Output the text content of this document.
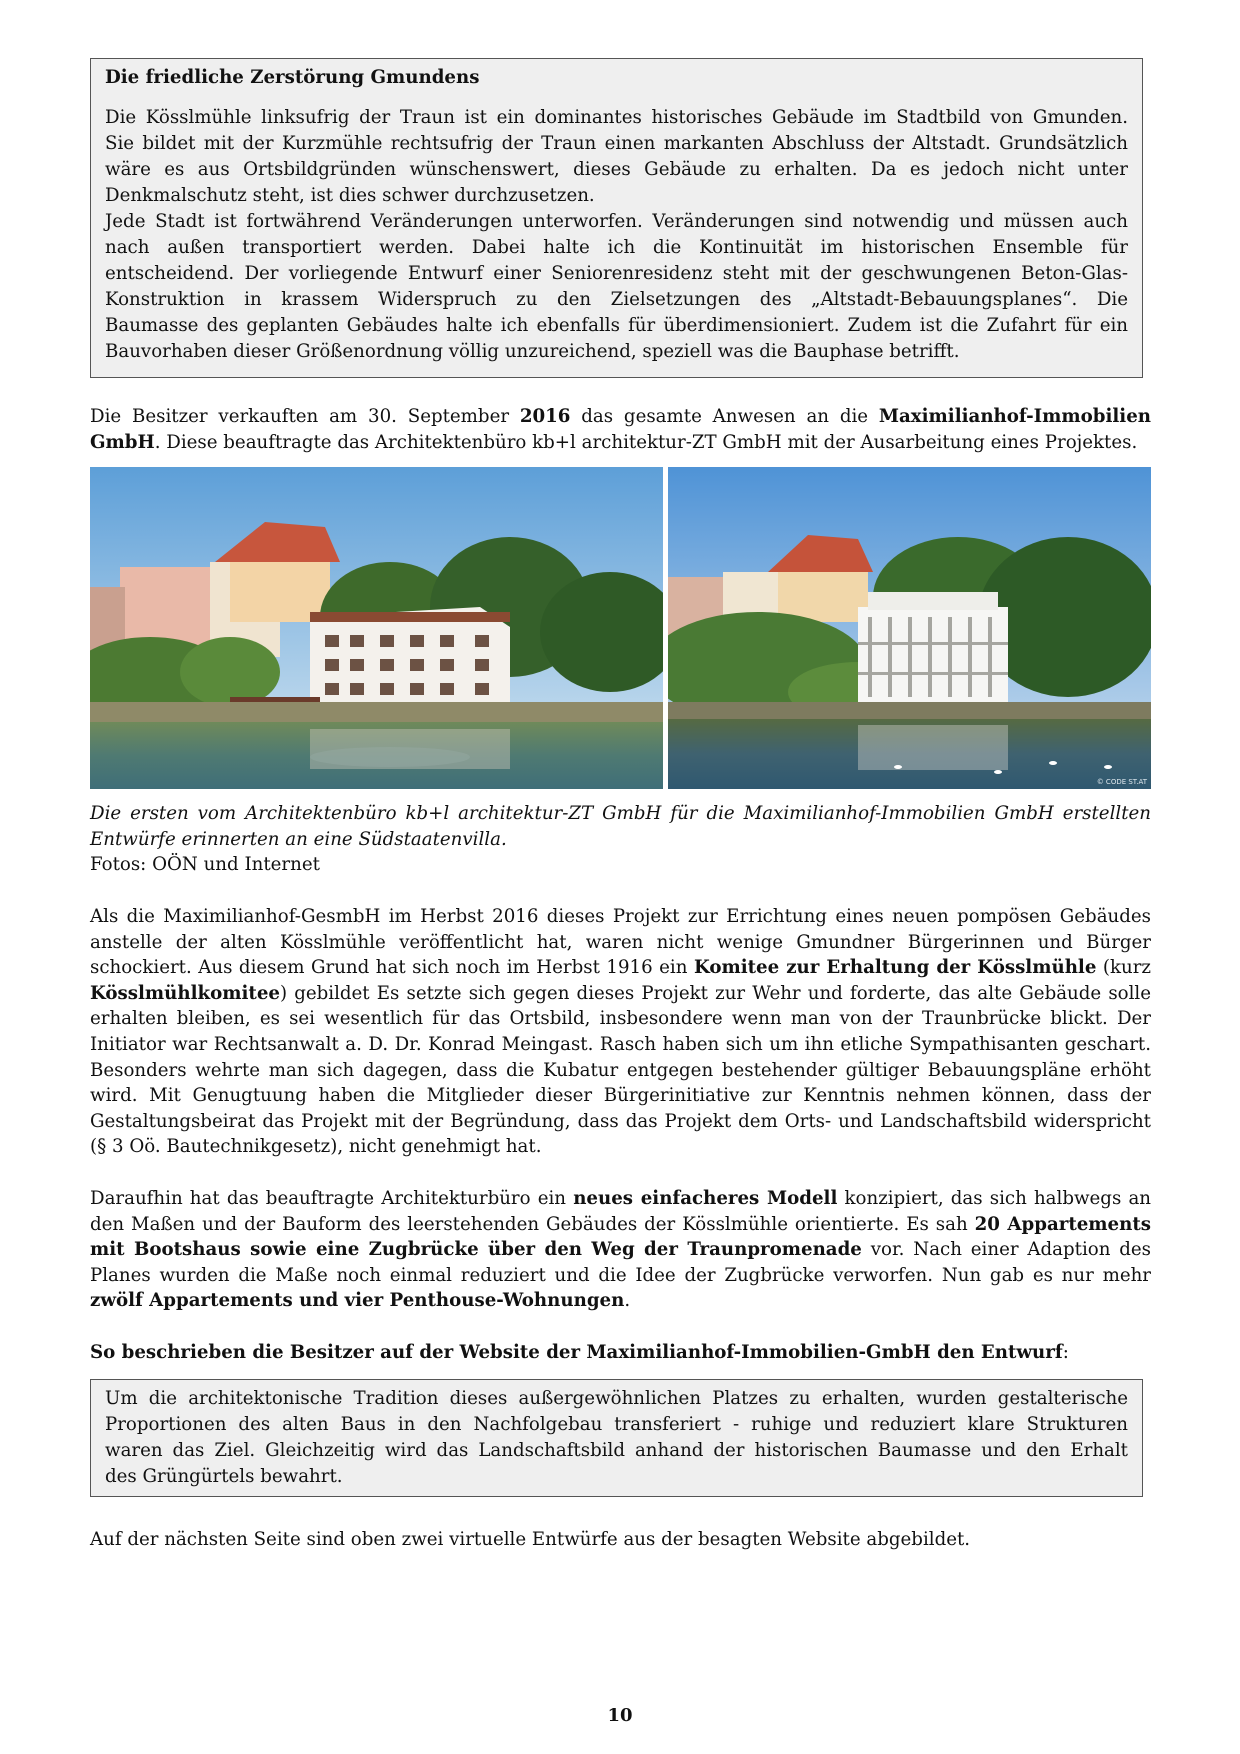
Die friedliche Zerstörung Gmundens
Die Kösslmühle linksufrig der Traun ist ein dominantes historisches Gebäude im Stadtbild von Gmunden.
Sie bildet mit der Kurzmühle rechtsufrig der Traun einen markanten Abschluss der Altstadt. Grundsätzlich
wäre es aus Ortsbildgründen wünschenswert, dieses Gebäude zu erhalten. Da es jedoch nicht unter
Denkmalschutz steht, ist dies schwer durchzusetzen.
Jede Stadt ist fortwährend Veränderungen unterworfen. Veränderungen sind notwendig und müssen auch
nach außen transportiert werden. Dabei halte ich die Kontinuität im historischen Ensemble für
entscheidend. Der vorliegende Entwurf einer Seniorenresidenz steht mit der geschwungenen Beton-Glas-
Konstruktion in krassem Widerspruch zu den Zielsetzungen des „Altstadt-Bebauungsplanes“. Die
Baumasse des geplanten Gebäudes halte ich ebenfalls für überdimensioniert. Zudem ist die Zufahrt für ein
Bauvorhaben dieser Größenordnung völlig unzureichend, speziell was die Bauphase betrifft.

Die Besitzer verkauften am 30. September 2016 das gesamte Anwesen an die Maximilianhof-Immobilien GmbH. Diese beauftragte das Architektenbüro kb+l architektur-ZT GmbH mit der Ausarbeitung eines Projektes.

© CODE ST.AT
Die ersten vom Architektenbüro kb+l architektur-ZT GmbH für die Maximilianhof-Immobilien GmbH erstellten Entwürfe erinnerten an eine Südstaatenvilla.
Fotos: OÖN und Internet

Als die Maximilianhof-GesmbH im Herbst 2016 dieses Projekt zur Errichtung eines neuen pompösen Gebäudes anstelle der alten Kösslmühle veröffentlicht hat, waren nicht wenige Gmundner Bürgerinnen und Bürger schockiert. Aus diesem Grund hat sich noch im Herbst 1916 ein Komitee zur Erhaltung der Kösslmühle (kurz Kösslmühlkomitee) gebildet Es setzte sich gegen dieses Projekt zur Wehr und forderte, das alte Gebäude solle erhalten bleiben, es sei wesentlich für das Ortsbild, insbesondere wenn man von der Traunbrücke blickt. Der Initiator war Rechtsanwalt a. D. Dr. Konrad Meingast. Rasch haben sich um ihn etliche Sympathisanten geschart. Besonders wehrte man sich dagegen, dass die Kubatur entgegen bestehender gültiger Bebauungspläne erhöht wird. Mit Genugtuung haben die Mitglieder dieser Bürgerinitiative zur Kenntnis nehmen können, dass der Gestaltungsbeirat das Projekt mit der Begründung, dass das Projekt dem Orts- und Landschaftsbild widerspricht (§ 3 Oö. Bautechnikgesetz), nicht genehmigt hat.

Daraufhin hat das beauftragte Architekturbüro ein neues einfacheres Modell konzipiert, das sich halbwegs an den Maßen und der Bauform des leerstehenden Gebäudes der Kösslmühle orientierte. Es sah 20 Appartements mit Bootshaus sowie eine Zugbrücke über den Weg der Traunpromenade vor. Nach einer Adaption des Planes wurden die Maße noch einmal reduziert und die Idee der Zugbrücke verworfen. Nun gab es nur mehr zwölf Appartements und vier Penthouse-Wohnungen.

So beschrieben die Besitzer auf der Website der Maximilianhof-Immobilien-GmbH den Entwurf:

Um die architektonische Tradition dieses außergewöhnlichen Platzes zu erhalten, wurden gestalterische
Proportionen des alten Baus in den Nachfolgebau transferiert - ruhige und reduziert klare Strukturen
waren das Ziel. Gleichzeitig wird das Landschaftsbild anhand der historischen Baumasse und den Erhalt
des Grüngürtels bewahrt.

Auf der nächsten Seite sind oben zwei virtuelle Entwürfe aus der besagten Website abgebildet.

10
